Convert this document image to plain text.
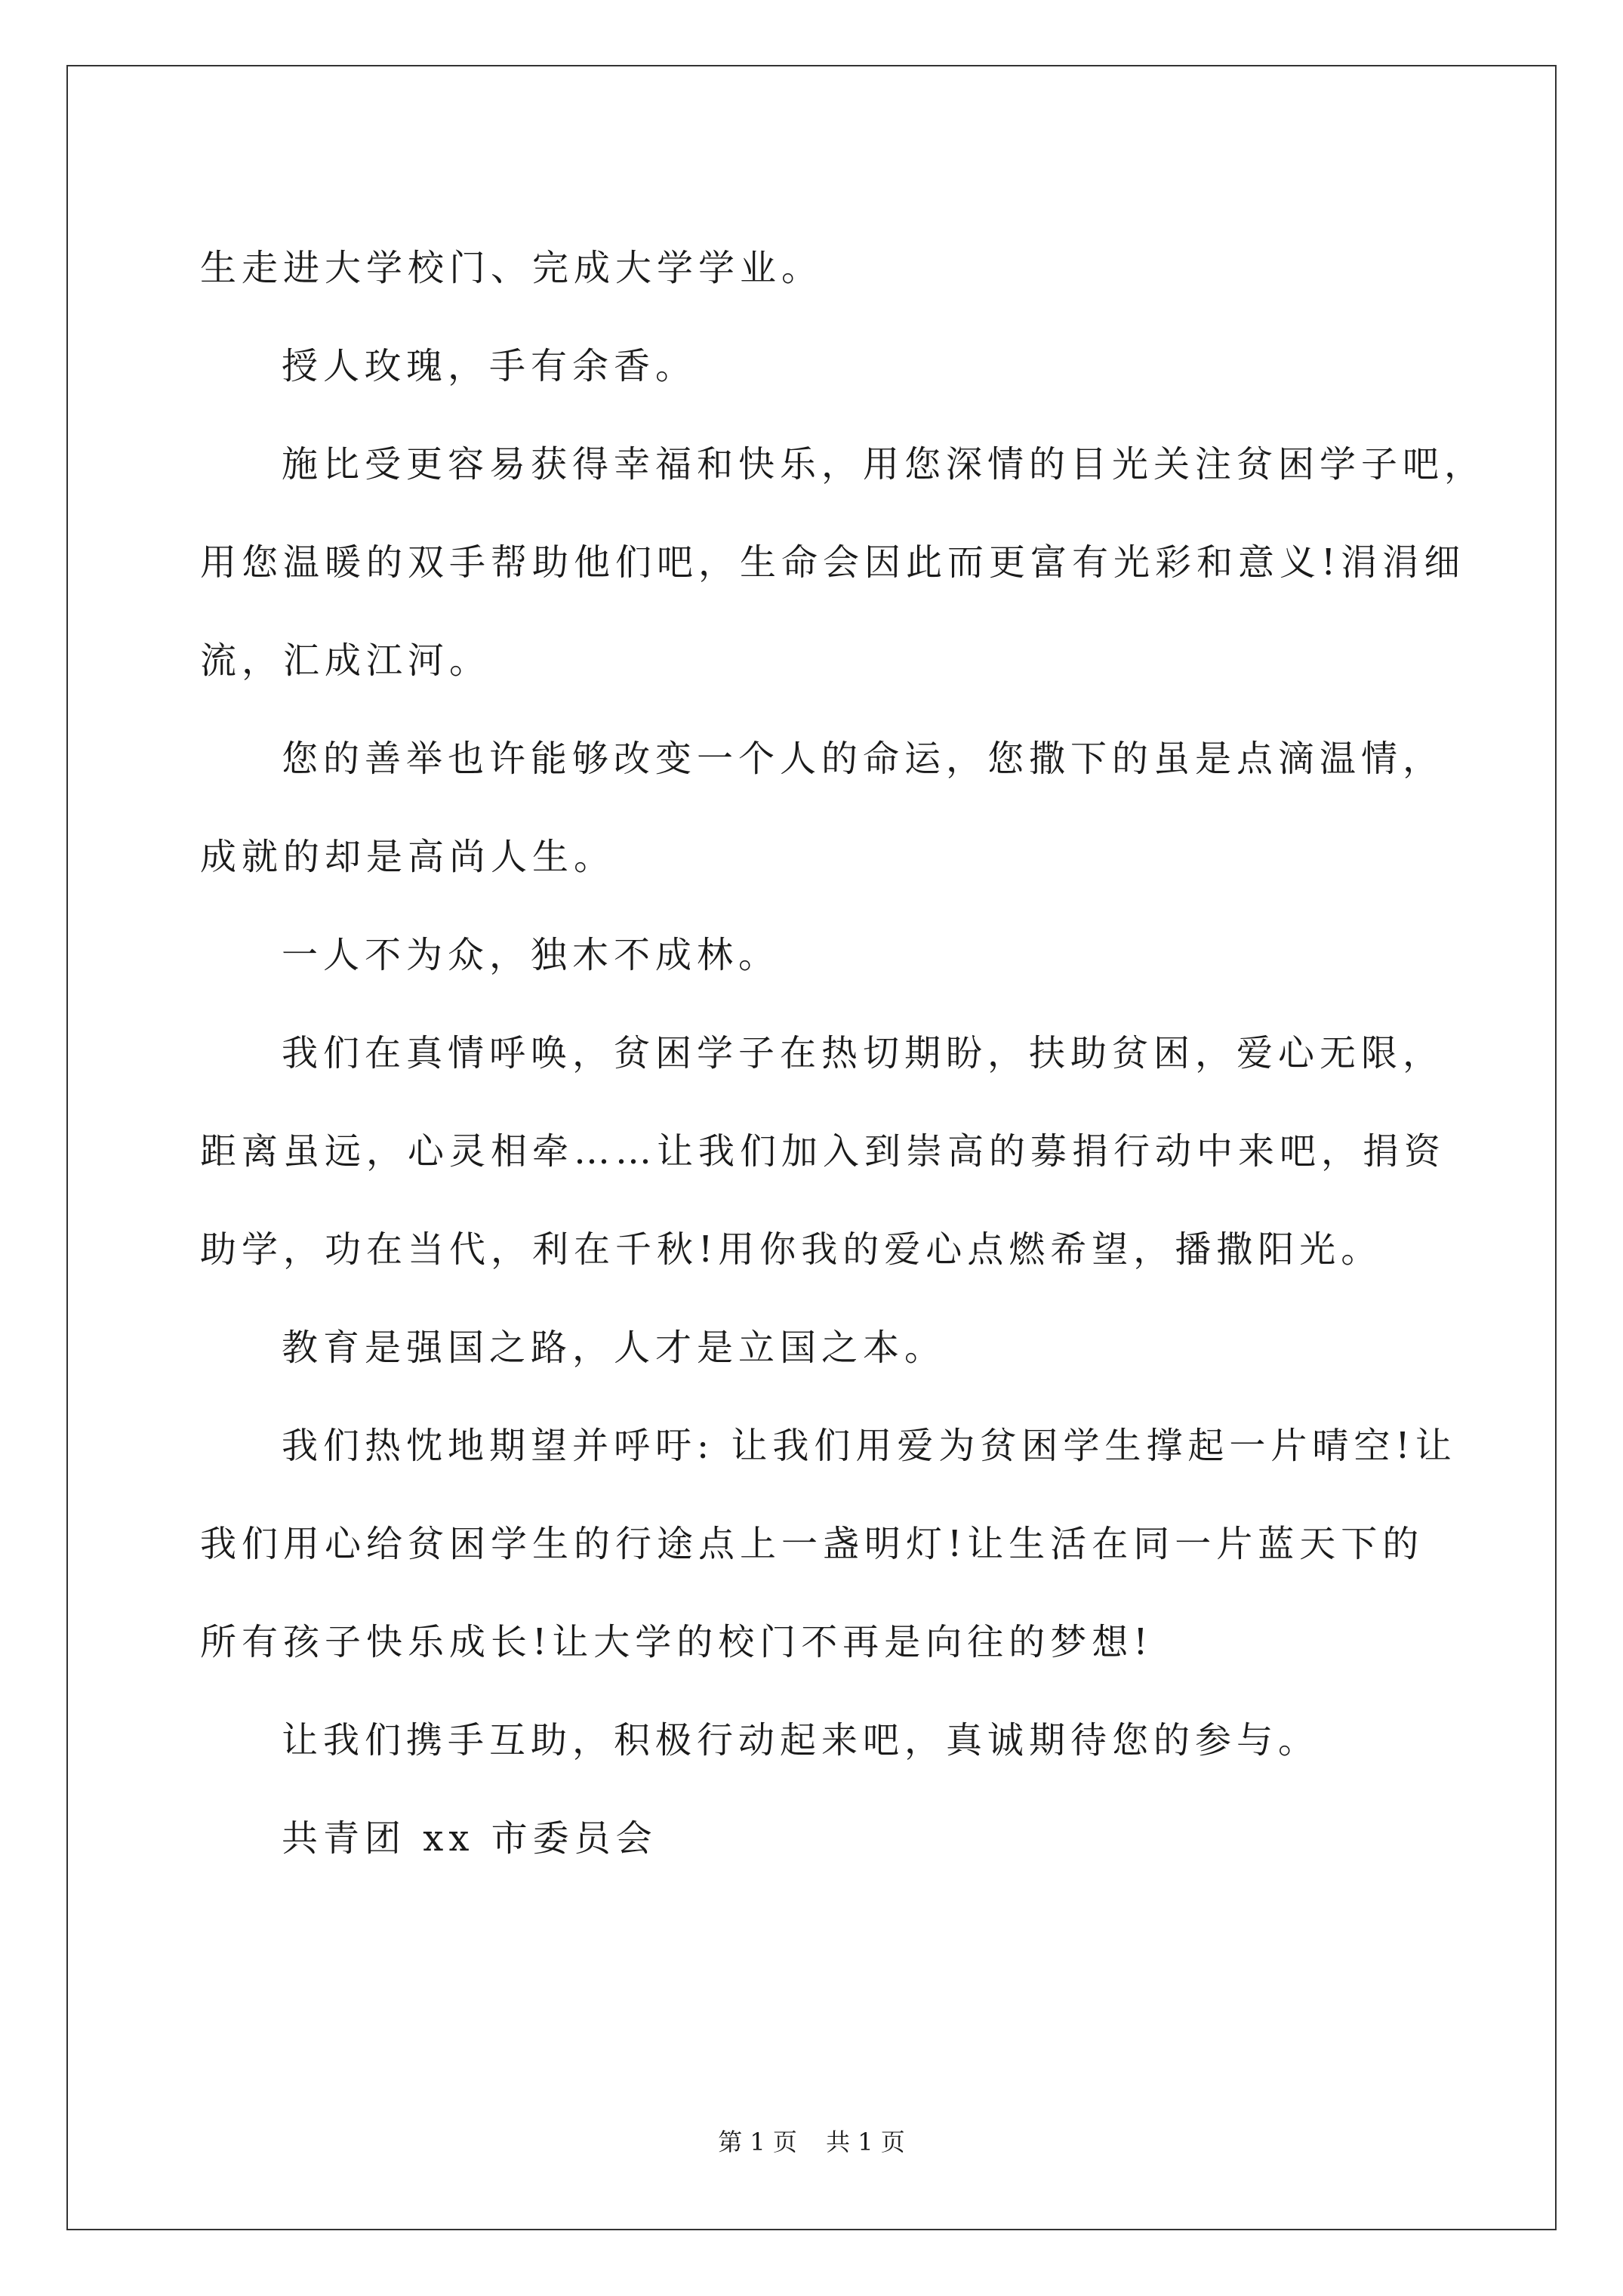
生走进大学校门、完成大学学业。

授人玫瑰，手有余香。

施比受更容易获得幸福和快乐，用您深情的目光关注贫困学子吧，

用您温暖的双手帮助他们吧，生命会因此而更富有光彩和意义!涓涓细

流，汇成江河。

您的善举也许能够改变一个人的命运，您撒下的虽是点滴温情，

成就的却是高尚人生。

一人不为众，独木不成林。

我们在真情呼唤，贫困学子在热切期盼，扶助贫困，爱心无限，

距离虽远，心灵相牵……让我们加入到崇高的募捐行动中来吧，捐资

助学，功在当代，利在千秋!用你我的爱心点燃希望，播撒阳光。

教育是强国之路，人才是立国之本。

我们热忱地期望并呼吁: 让我们用爱为贫困学生撑起一片晴空!让

我们用心给贫困学生的行途点上一盏明灯!让生活在同一片蓝天下的

所有孩子快乐成长!让大学的校门不再是向往的梦想!

让我们携手互助，积极行动起来吧，真诚期待您的参与。

共青团 xx 市委员会

第 1 页 共 1 页
